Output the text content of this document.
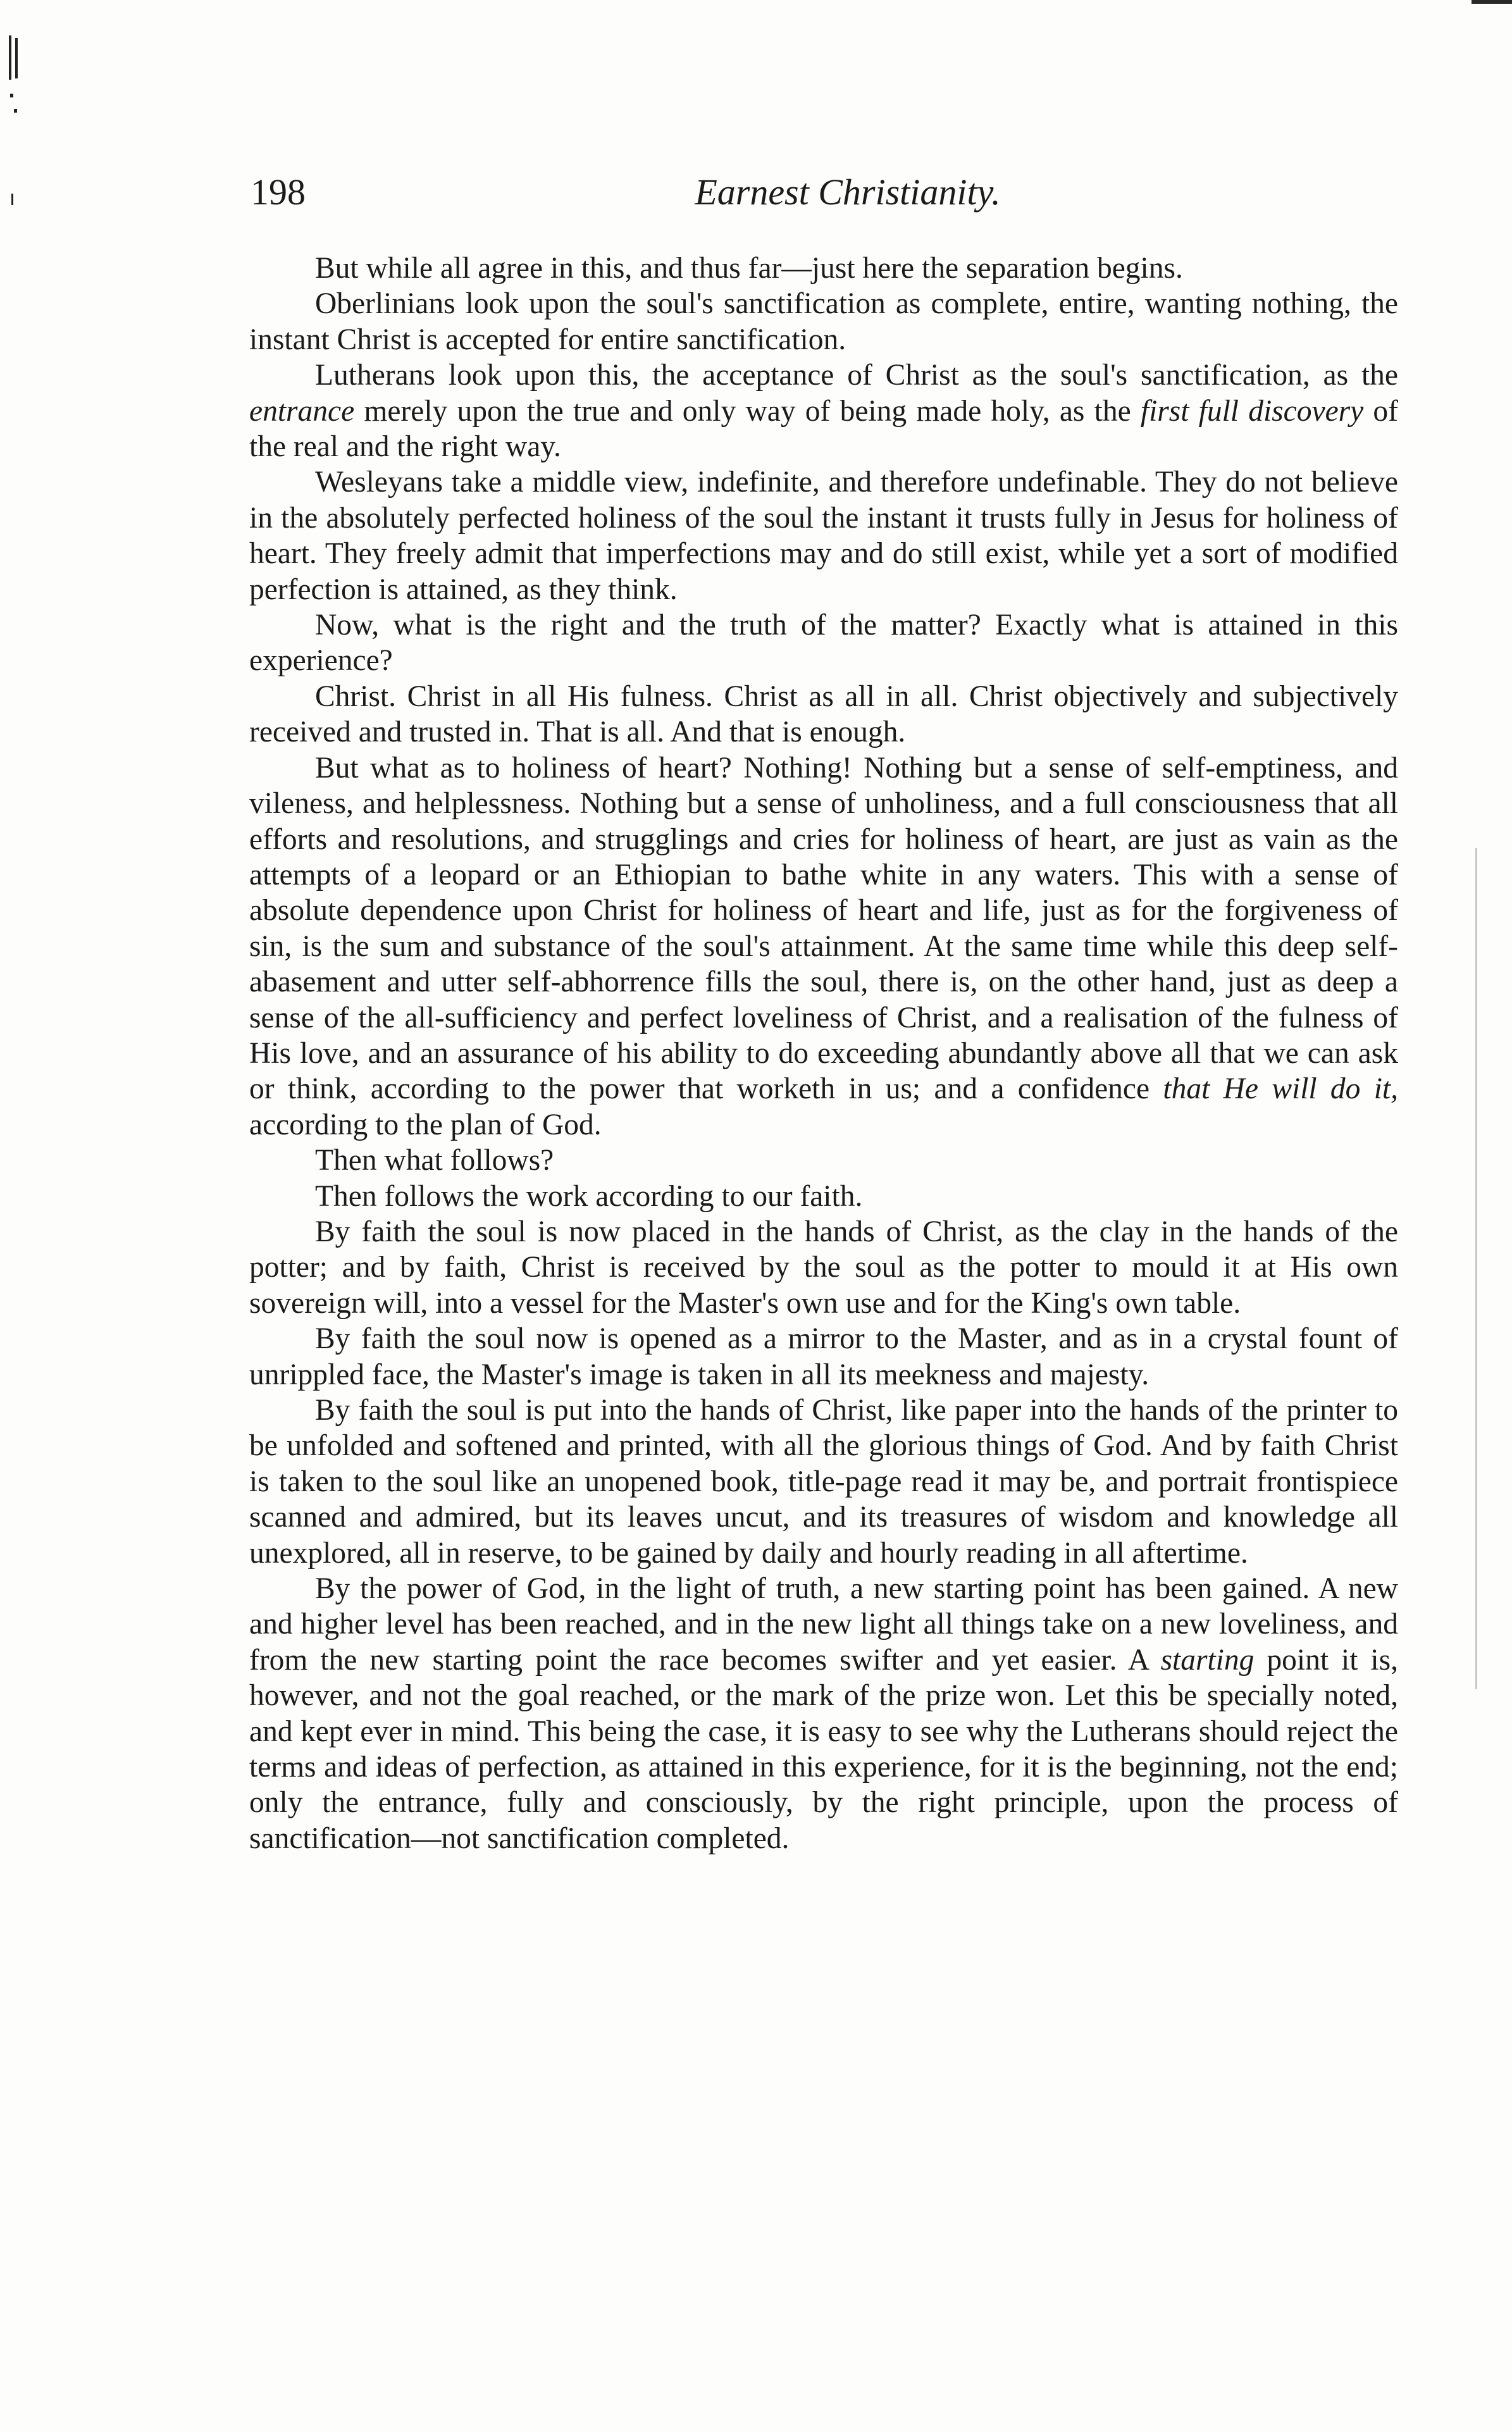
198	Earnest Christianity.

But while all agree in this, and thus far—just here the separation begins.

Oberlinians look upon the soul's sanctification as complete, entire, wanting nothing, the instant Christ is accepted for entire sanctification.

Lutherans look upon this, the acceptance of Christ as the soul's sanctification, as the entrance merely upon the true and only way of being made holy, as the first full discovery of the real and the right way.

Wesleyans take a middle view, indefinite, and therefore undefinable. They do not believe in the absolutely perfected holiness of the soul the instant it trusts fully in Jesus for holiness of heart. They freely admit that imperfections may and do still exist, while yet a sort of modified perfection is attained, as they think.

Now, what is the right and the truth of the matter? Exactly what is attained in this experience?

Christ. Christ in all His fulness. Christ as all in all. Christ objectively and subjectively received and trusted in. That is all. And that is enough.

But what as to holiness of heart? Nothing! Nothing but a sense of self-emptiness, and vileness, and helplessness. Nothing but a sense of unholiness, and a full consciousness that all efforts and resolutions, and strugglings and cries for holiness of heart, are just as vain as the attempts of a leopard or an Ethiopian to bathe white in any waters. This with a sense of absolute dependence upon Christ for holiness of heart and life, just as for the forgiveness of sin, is the sum and substance of the soul's attainment. At the same time while this deep self-abasement and utter self-abhorrence fills the soul, there is, on the other hand, just as deep a sense of the all-sufficiency and perfect loveliness of Christ, and a realisation of the fulness of His love, and an assurance of his ability to do exceeding abundantly above all that we can ask or think, according to the power that worketh in us; and a confidence that He will do it, according to the plan of God.

Then what follows?

Then follows the work according to our faith.

By faith the soul is now placed in the hands of Christ, as the clay in the hands of the potter; and by faith, Christ is received by the soul as the potter to mould it at His own sovereign will, into a vessel for the Master's own use and for the King's own table.

By faith the soul now is opened as a mirror to the Master, and as in a crystal fount of unrippled face, the Master's image is taken in all its meekness and majesty.

By faith the soul is put into the hands of Christ, like paper into the hands of the printer to be unfolded and softened and printed, with all the glorious things of God. And by faith Christ is taken to the soul like an unopened book, title-page read it may be, and portrait frontispiece scanned and admired, but its leaves uncut, and its treasures of wisdom and knowledge all unexplored, all in reserve, to be gained by daily and hourly reading in all aftertime.

By the power of God, in the light of truth, a new starting point has been gained. A new and higher level has been reached, and in the new light all things take on a new loveliness, and from the new starting point the race becomes swifter and yet easier. A starting point it is, however, and not the goal reached, or the mark of the prize won. Let this be specially noted, and kept ever in mind. This being the case, it is easy to see why the Lutherans should reject the terms and ideas of perfection, as attained in this experience, for it is the beginning, not the end; only the entrance, fully and consciously, by the right principle, upon the process of sanctification—not sanctification completed.
